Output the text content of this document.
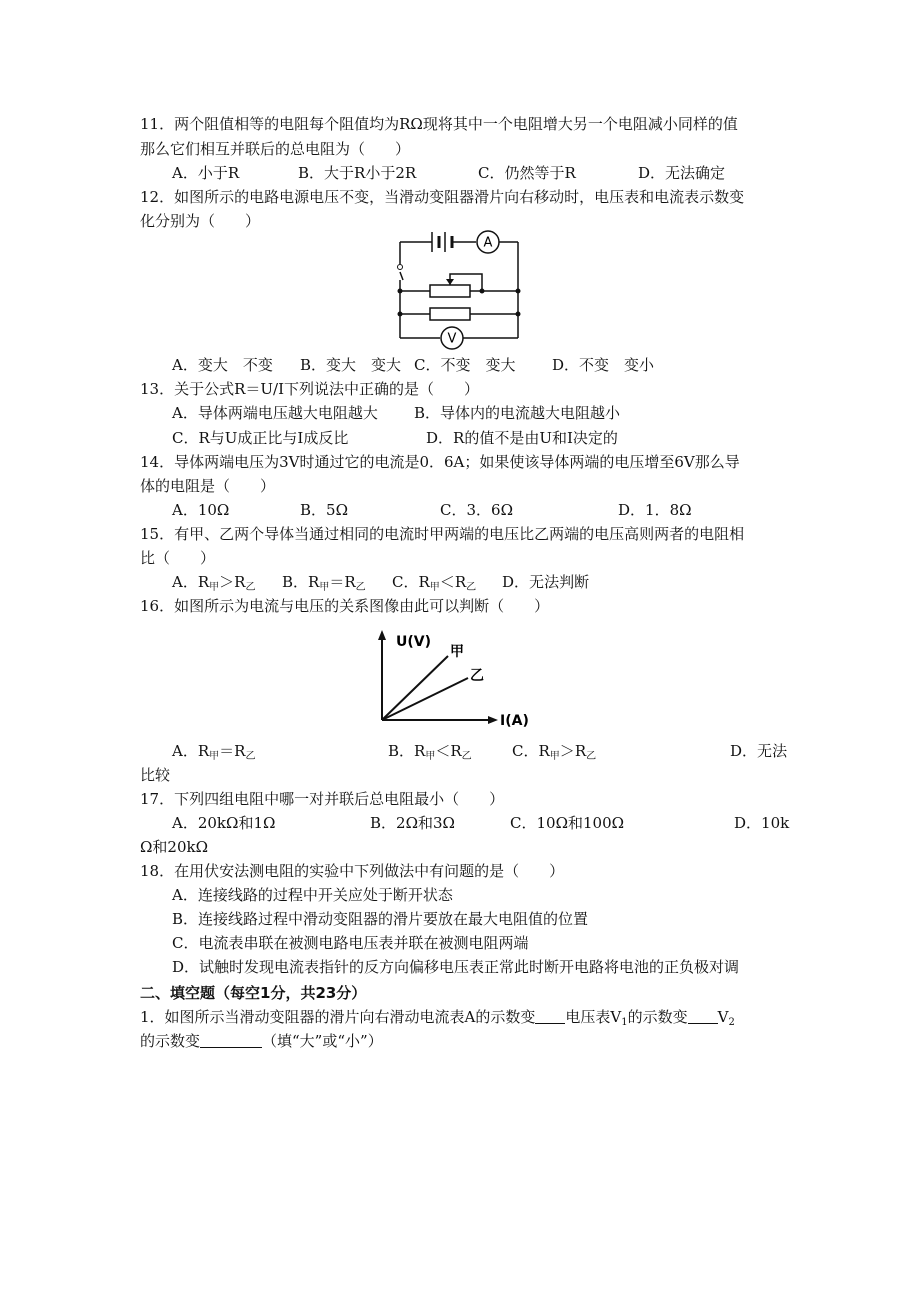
11．两个阻值相等的电阻每个阻值均为RΩ现将其中一个电阻增大另一个电阻减小同样的值
那么它们相互并联后的总电阻为（　　）
A．小于R	B．大于R小于2R	C．仍然等于R	D．无法确定
12．如图所示的电路电源电压不变，当滑动变阻器滑片向右移动时，电压表和电流表示数变
化分别为（　　）
A
V
A．变大　不变 B．变大　变大 C．不变　变大 D．不变　变小
13．关于公式R＝U/I下列说法中正确的是（　　）
A．导体两端电压越大电阻越大 B．导体内的电流越大电阻越小
C．R与U成正比与I成反比	D．R的值不是由U和I决定的
14．导体两端电压为3V时通过它的电流是0．6A；如果使该导体两端的电压增至6V那么导
体的电阻是（　　）
A．10Ω	B．5Ω	C．3．6Ω	D．1．8Ω
15．有甲、乙两个导体当通过相同的电流时甲两端的电压比乙两端的电压高则两者的电阻相
比（　　）
A．$R_甲>R_乙$ B．$R_甲=R_乙$ C．$R_甲<R_乙$ D．无法判断
16．如图所示为电流与电压的关系图像由此可以判断（　　）
U(V)
甲
乙
I(A)
A．$R_甲=R_乙$	B．$R_甲<R_乙$	C．$R_甲>R_乙$	D．无法
比较
17．下列四组电阻中哪一对并联后总电阻最小（　　）
A．20kΩ和1Ω	B．2Ω和3Ω	C．10Ω和100Ω	D．10k
Ω和20kΩ
18．在用伏安法测电阻的实验中下列做法中有问题的是（　　）
A．连接线路的过程中开关应处于断开状态
B．连接线路过程中滑动变阻器的滑片要放在最大电阻值的位置
C．电流表串联在被测电路电压表并联在被测电阻两端
D．试触时发现电流表指针的反方向偏移电压表正常此时断开电路将电池的正负极对调
二、填空题（每空1分，共23分）
1．如图所示当滑动变阻器的滑片向右滑动电流表A的示数变 电压表$V_1$的示数变 $V_2$
的示数变	（填“大”或“小”）
